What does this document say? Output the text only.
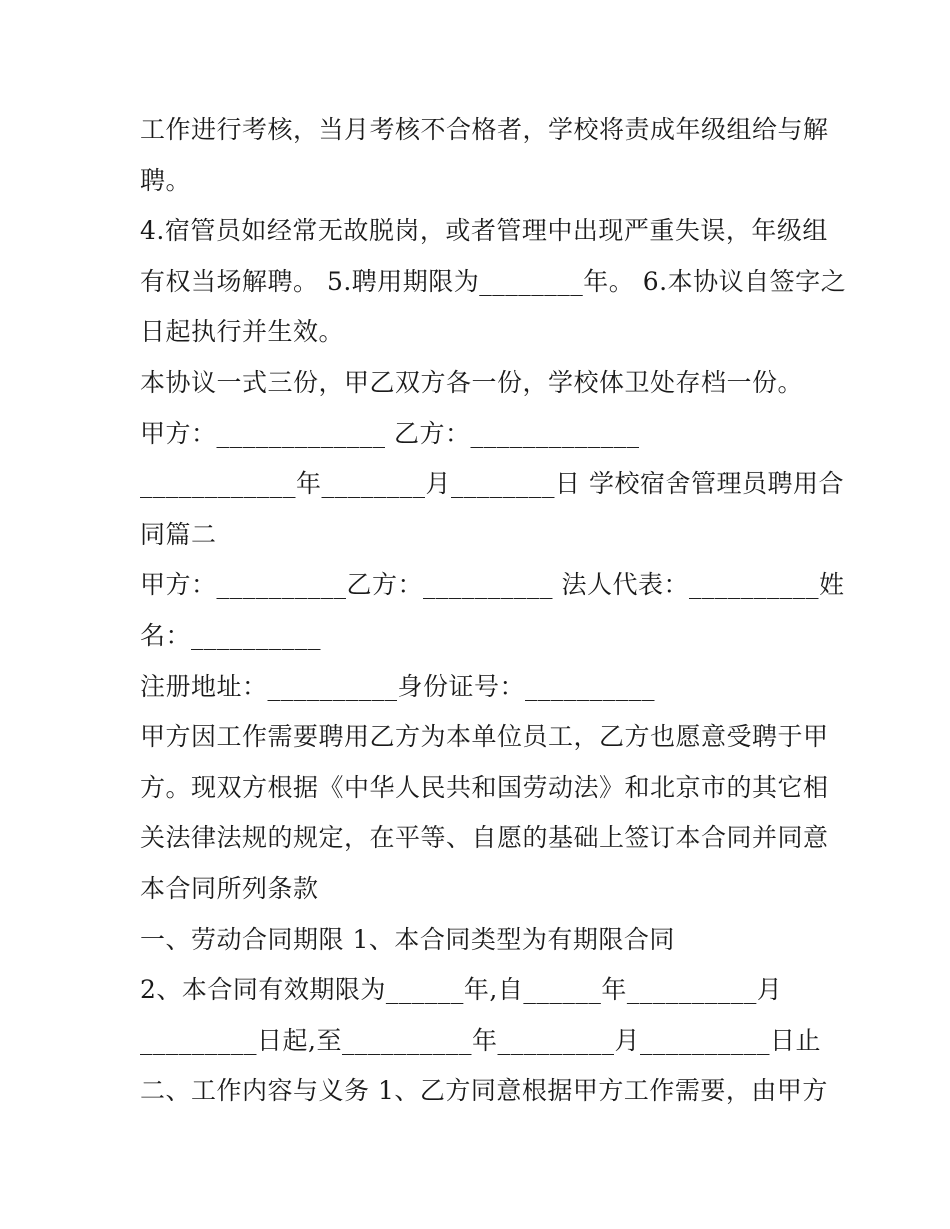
工作进行考核，当月考核不合格者，学校将责成年级组给与解
聘。
4.宿管员如经常无故脱岗，或者管理中出现严重失误，年级组
有权当场解聘。 5.聘用期限为________年。 6.本协议自签字之
日起执行并生效。
本协议一式三份，甲乙双方各一份，学校体卫处存档一份。
甲方：_____________ 乙方：_____________
____________年________月________日 学校宿舍管理员聘用合
同篇二
甲方：__________乙方：__________ 法人代表：__________姓
名：__________
注册地址：__________身份证号：__________
甲方因工作需要聘用乙方为本单位员工，乙方也愿意受聘于甲
方。现双方根据《中华人民共和国劳动法》和北京市的其它相
关法律法规的规定，在平等、自愿的基础上签订本合同并同意
本合同所列条款
一、劳动合同期限 1、本合同类型为有期限合同
2、本合同有效期限为______年,自______年__________月
_________日起,至__________年_________月__________日止
二、工作内容与义务 1、乙方同意根据甲方工作需要，由甲方
